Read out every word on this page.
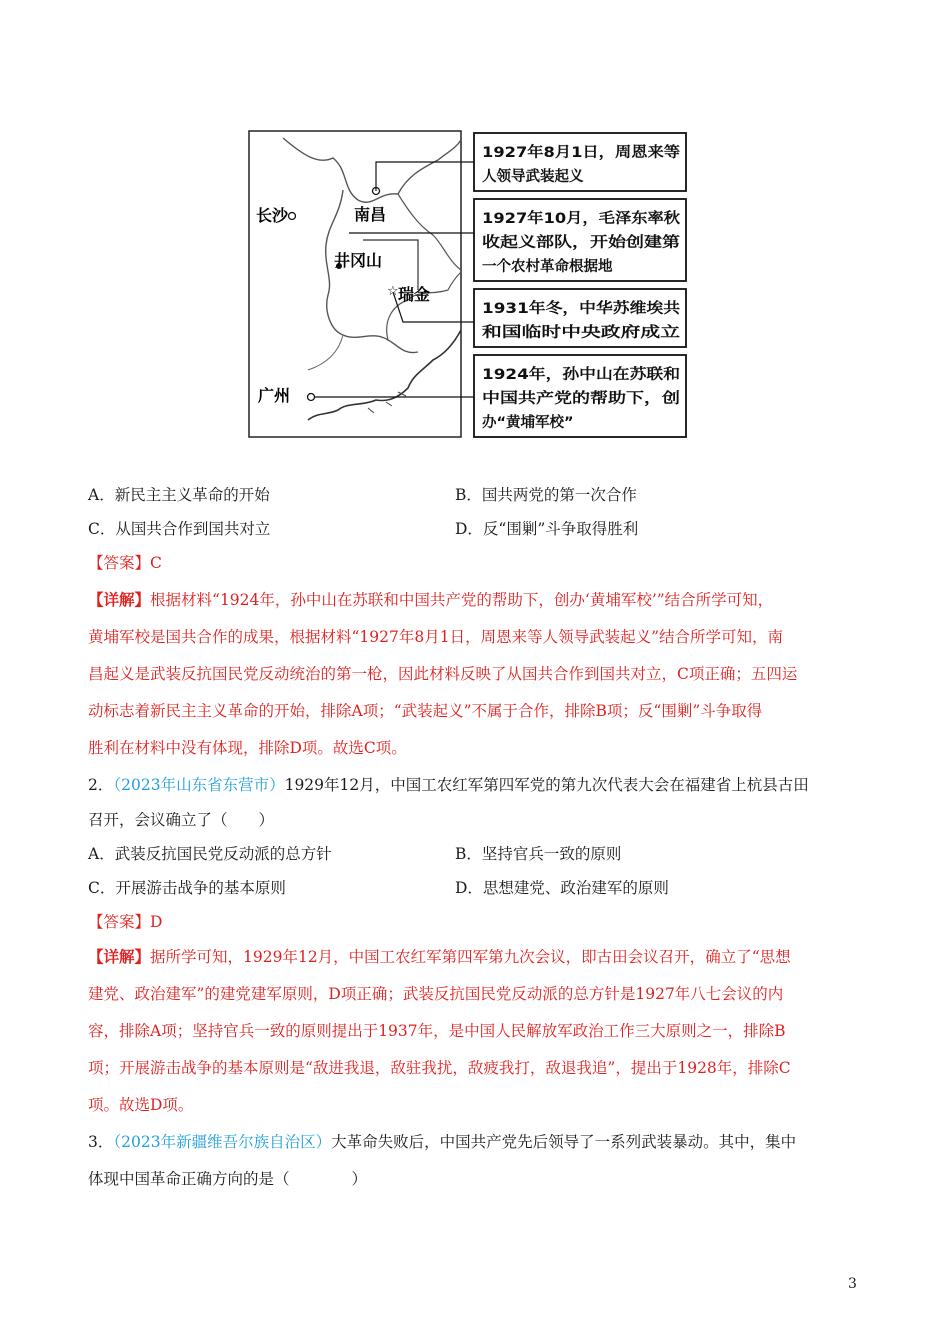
☆
长沙	南昌
井冈山
瑞金
广州
1927年8月1日，周恩来等
人领导武装起义
1927年10月，毛泽东率秋
收起义部队，开始创建第
一个农村革命根据地
1931年冬，中华苏维埃共
和国临时中央政府成立
1924年，孙中山在苏联和
中国共产党的帮助下，创
办“黄埔军校”
A．新民主主义革命的开始	B．国共两党的第一次合作
C．从国共合作到国共对立	D．反“围剿”斗争取得胜利
【答案】C
【详解】根据材料“1924年，孙中山在苏联和中国共产党的帮助下，创办‘黄埔军校’”结合所学可知，
黄埔军校是国共合作的成果，根据材料“1927年8月1日，周恩来等人领导武装起义”结合所学可知，南
昌起义是武装反抗国民党反动统治的第一枪，因此材料反映了从国共合作到国共对立，C项正确；五四运
动标志着新民主主义革命的开始，排除A项；“武装起义”不属于合作，排除B项；反“围剿”斗争取得
胜利在材料中没有体现，排除D项。故选C项。
2．（2023年山东省东营市）1929年12月，中国工农红军第四军党的第九次代表大会在福建省上杭县古田
召开，会议确立了（　　）
A．武装反抗国民党反动派的总方针	B．坚持官兵一致的原则
C．开展游击战争的基本原则	D．思想建党、政治建军的原则
【答案】D
【详解】据所学可知，1929年12月，中国工农红军第四军第九次会议，即古田会议召开，确立了“思想
建党、政治建军”的建党建军原则，D项正确；武装反抗国民党反动派的总方针是1927年八七会议的内
容，排除A项；坚持官兵一致的原则提出于1937年，是中国人民解放军政治工作三大原则之一，排除B
项；开展游击战争的基本原则是“敌进我退，敌驻我扰，敌疲我打，敌退我追”，提出于1928年，排除C
项。故选D项。
3．（2023年新疆维吾尔族自治区）大革命失败后，中国共产党先后领导了一系列武装暴动。其中，集中
体现中国革命正确方向的是（　　　　）
3
